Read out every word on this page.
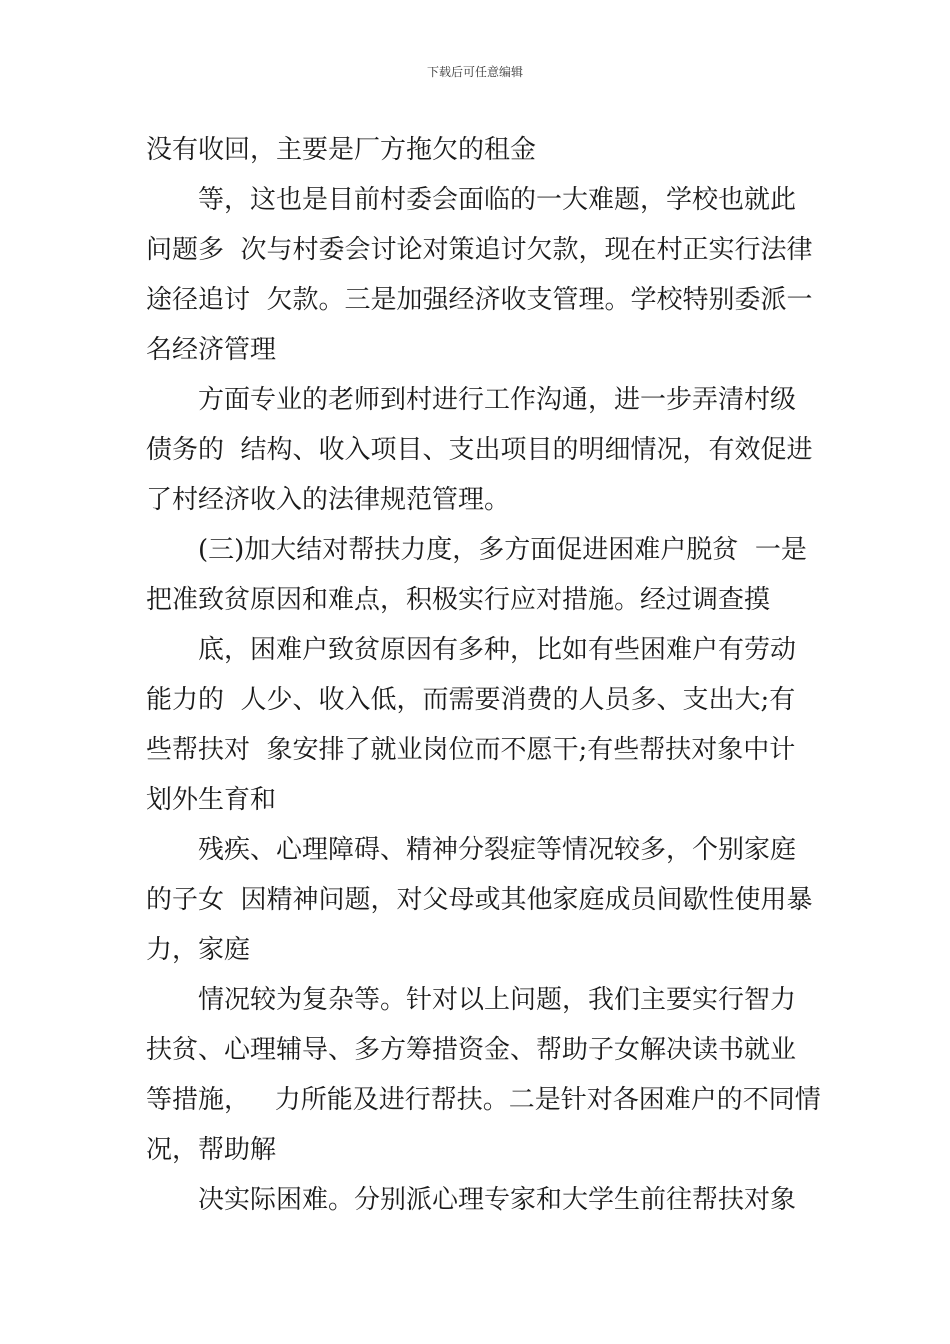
下载后可任意编辑
没有收回，主要是厂方拖欠的租金
等，这也是目前村委会面临的一大难题，学校也就此
问题多  次与村委会讨论对策追讨欠款，现在村正实行法律
途径追讨  欠款。三是加强经济收支管理。学校特别委派一
名经济管理
方面专业的老师到村进行工作沟通，进一步弄清村级
债务的  结构、收入项目、支出项目的明细情况，有效促进
了村经济收入的法律规范管理。
(三)加大结对帮扶力度，多方面促进困难户脱贫  一是
把准致贫原因和难点，积极实行应对措施。经过调查摸
底，困难户致贫原因有多种，比如有些困难户有劳动
能力的  人少、收入低，而需要消费的人员多、支出大;有
些帮扶对  象安排了就业岗位而不愿干;有些帮扶对象中计
划外生育和
残疾、心理障碍、精神分裂症等情况较多，个别家庭
的子女  因精神问题，对父母或其他家庭成员间歇性使用暴
力，家庭
情况较为复杂等。针对以上问题，我们主要实行智力
扶贫、心理辅导、多方筹措资金、帮助子女解决读书就业
等措施，   力所能及进行帮扶。二是针对各困难户的不同情
况，帮助解
决实际困难。分别派心理专家和大学生前往帮扶对象
